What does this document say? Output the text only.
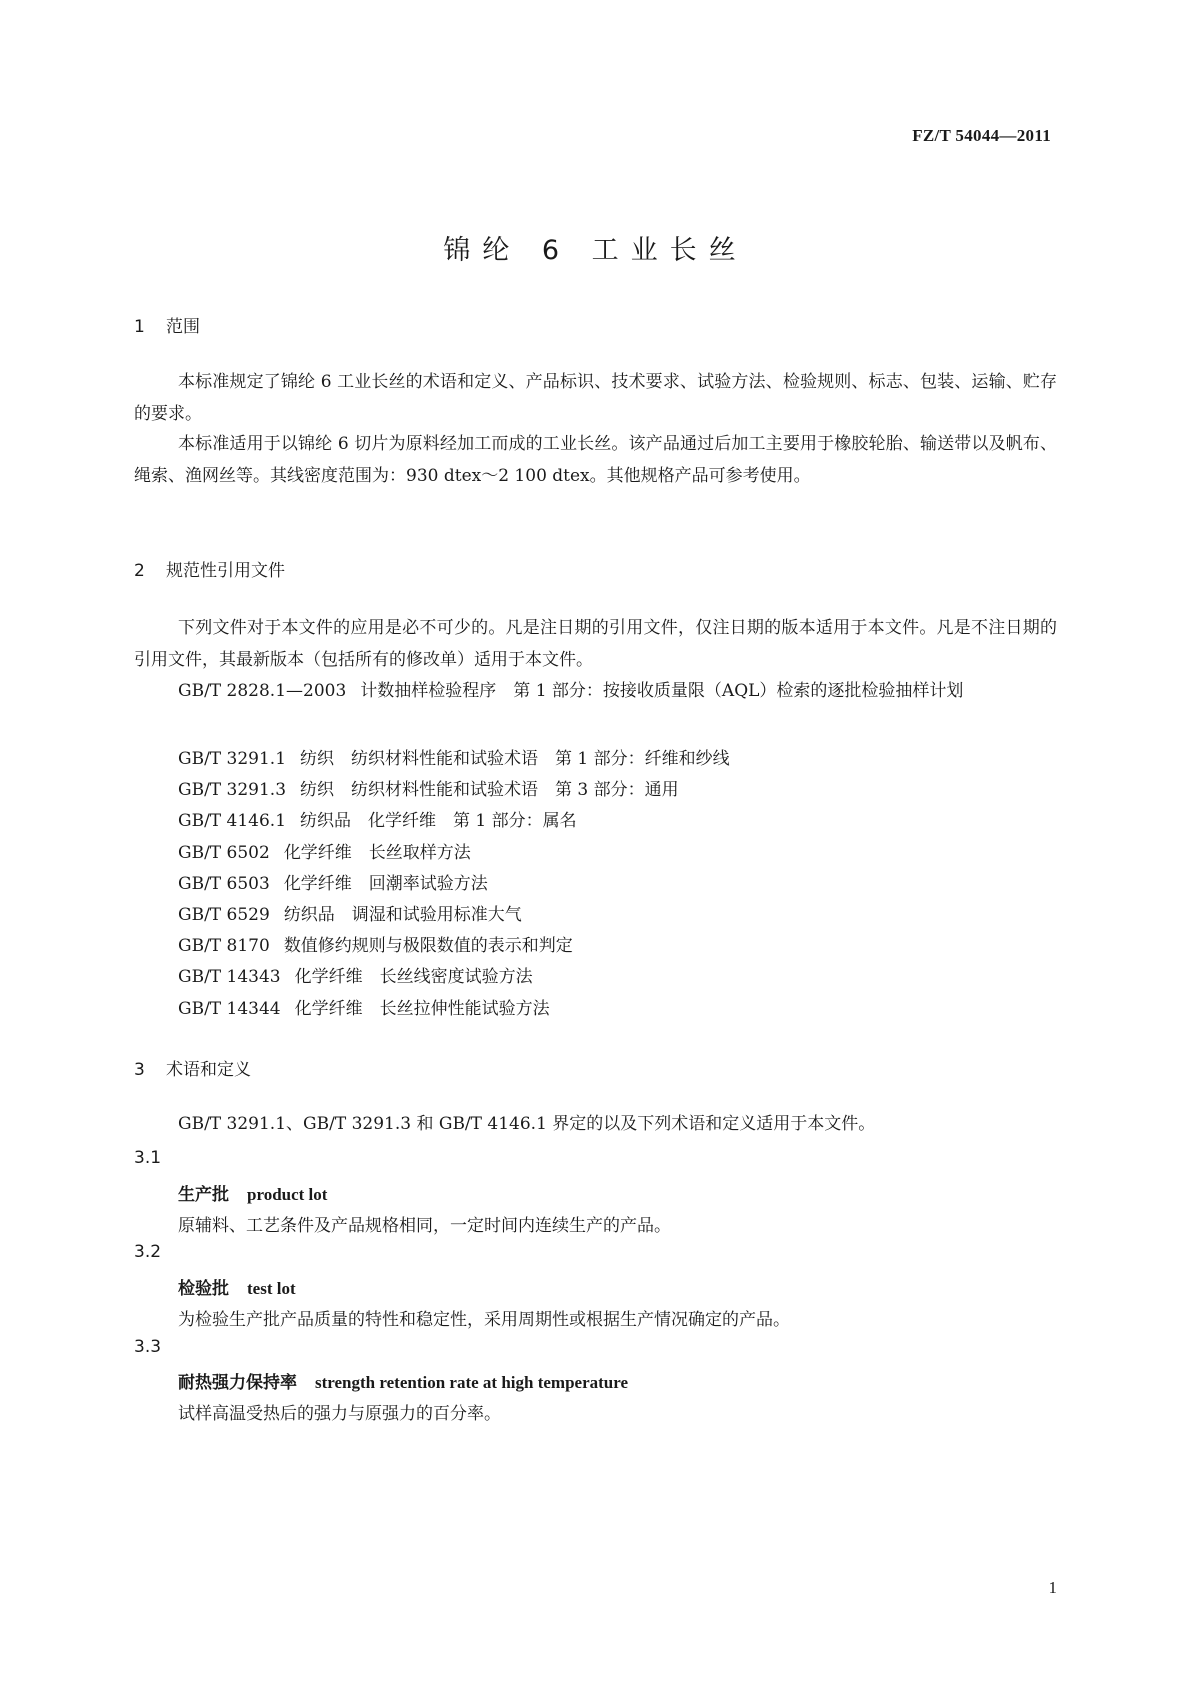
FZ/T 54044—2011
锦纶 6 工业长丝
1 范围
本标准规定了锦纶 6 工业长丝的术语和定义、产品标识、技术要求、试验方法、检验规则、标志、包装、运输、贮存的要求。
本标准适用于以锦纶 6 切片为原料经加工而成的工业长丝。该产品通过后加工主要用于橡胶轮胎、输送带以及帆布、绳索、渔网丝等。其线密度范围为：930 dtex～2 100 dtex。其他规格产品可参考使用。
2 规范性引用文件
下列文件对于本文件的应用是必不可少的。凡是注日期的引用文件，仅注日期的版本适用于本文件。凡是不注日期的引用文件，其最新版本（包括所有的修改单）适用于本文件。
GB/T 2828.1—2003 计数抽样检验程序　第 1 部分：按接收质量限（AQL）检索的逐批检验抽样计划
GB/T 3291.1 纺织　纺织材料性能和试验术语　第 1 部分：纤维和纱线
GB/T 3291.3 纺织　纺织材料性能和试验术语　第 3 部分：通用
GB/T 4146.1 纺织品　化学纤维　第 1 部分：属名
GB/T 6502 化学纤维　长丝取样方法
GB/T 6503 化学纤维　回潮率试验方法
GB/T 6529 纺织品　调湿和试验用标准大气
GB/T 8170 数值修约规则与极限数值的表示和判定
GB/T 14343 化学纤维　长丝线密度试验方法
GB/T 14344 化学纤维　长丝拉伸性能试验方法
3 术语和定义
GB/T 3291.1、GB/T 3291.3 和 GB/T 4146.1 界定的以及下列术语和定义适用于本文件。
3.1
生产批 product lot
原辅料、工艺条件及产品规格相同，一定时间内连续生产的产品。
3.2
检验批 test lot
为检验生产批产品质量的特性和稳定性，采用周期性或根据生产情况确定的产品。
3.3
耐热强力保持率 strength retention rate at high temperature
试样高温受热后的强力与原强力的百分率。
1
